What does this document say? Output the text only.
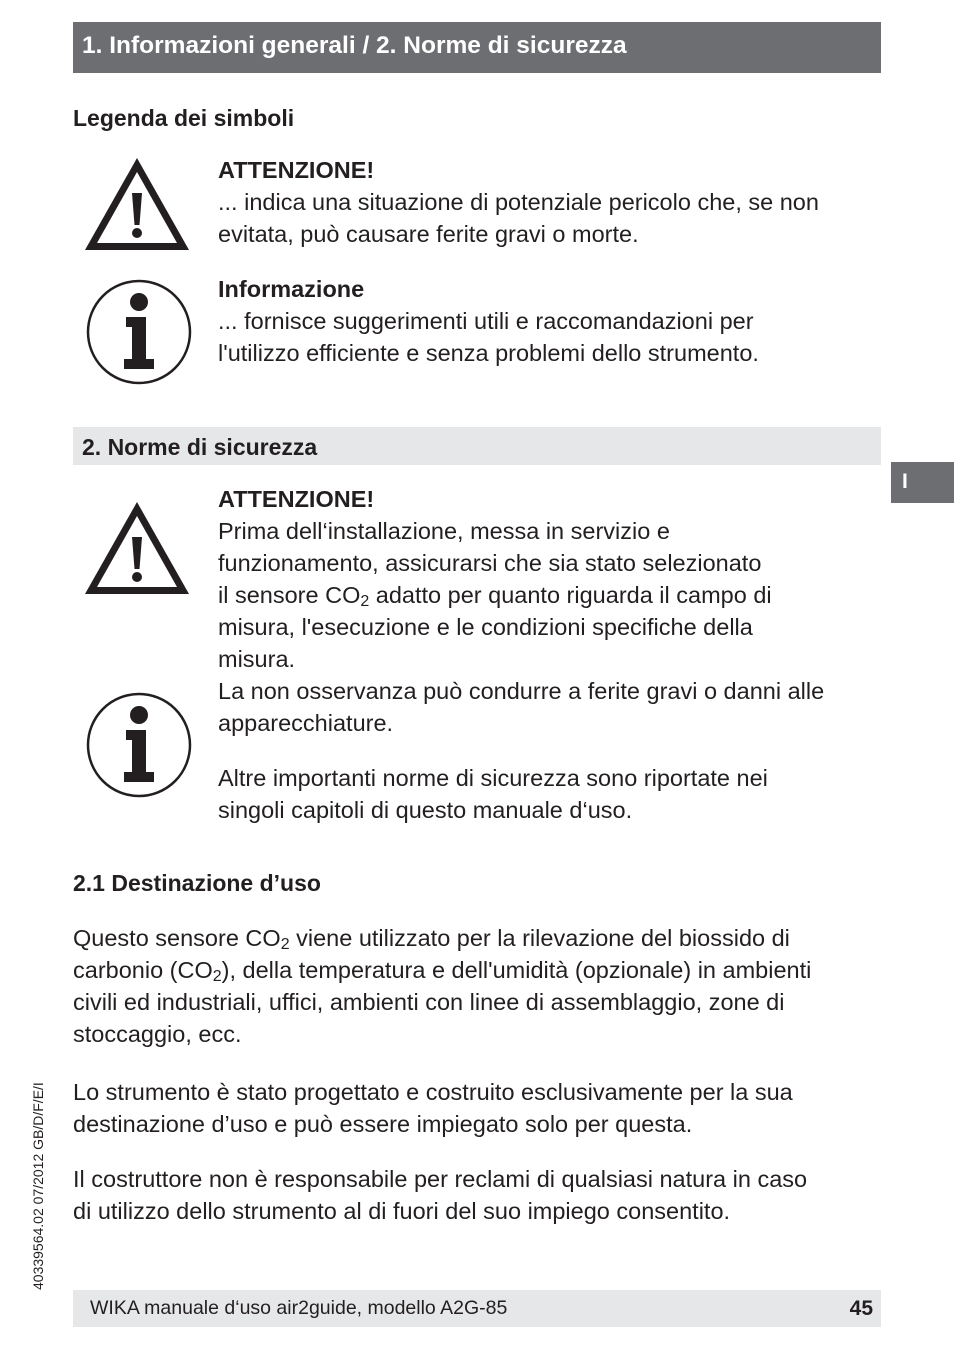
1. Informazioni generali / 2. Norme di sicurezza
Legenda dei simboli
ATTENZIONE!
... indica una situazione di potenziale pericolo che, se non
evitata, può causare ferite gravi o morte.
Informazione
... fornisce suggerimenti utili e raccomandazioni per
l'utilizzo efficiente e senza problemi dello strumento.
2. Norme di sicurezza
I
ATTENZIONE!
Prima dell‘installazione, messa in servizio e
funzionamento, assicurarsi che sia stato selezionato
il sensore $CO_2$ adatto per quanto riguarda il campo di
misura, l'esecuzione e le condizioni specifiche della
misura.
La non osservanza può condurre a ferite gravi o danni alle
apparecchiature.
Altre importanti norme di sicurezza sono riportate nei
singoli capitoli di questo manuale d‘uso.
2.1 Destinazione d’uso
Questo sensore $CO_2$ viene utilizzato per la rilevazione del biossido di
carbonio $(CO_2)$, della temperatura e dell'umidità (opzionale) in ambienti
civili ed industriali, uffici, ambienti con linee di assemblaggio, zone di
stoccaggio, ecc.
Lo strumento è stato progettato e costruito esclusivamente per la sua
destinazione d’uso e può essere impiegato solo per questa.
Il costruttore non è responsabile per reclami di qualsiasi natura in caso
di utilizzo dello strumento al di fuori del suo impiego consentito.
40339564.02 07/2012 GB/D/F/E/I
WIKA manuale d‘uso air2guide, modello A2G-85	45
